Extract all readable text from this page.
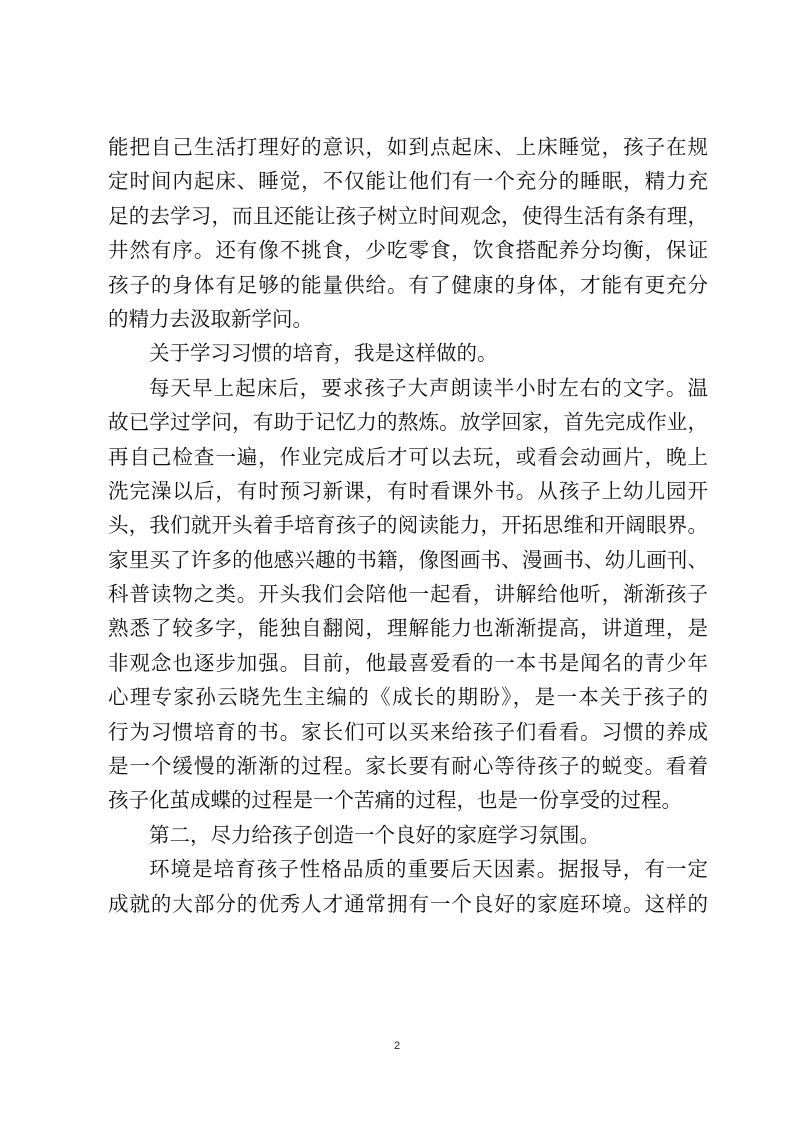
能把自己生活打理好的意识，如到点起床、上床睡觉，孩子在规
定时间内起床、睡觉，不仅能让他们有一个充分的睡眠，精力充
足的去学习，而且还能让孩子树立时间观念，使得生活有条有理，
井然有序。还有像不挑食，少吃零食，饮食搭配养分均衡，保证
孩子的身体有足够的能量供给。有了健康的身体，才能有更充分
的精力去汲取新学问。
关于学习习惯的培育，我是这样做的。
每天早上起床后，要求孩子大声朗读半小时左右的文字。温
故已学过学问，有助于记忆力的熬炼。放学回家，首先完成作业，
再自己检查一遍，作业完成后才可以去玩，或看会动画片，晚上
洗完澡以后，有时预习新课，有时看课外书。从孩子上幼儿园开
头，我们就开头着手培育孩子的阅读能力，开拓思维和开阔眼界。
家里买了许多的他感兴趣的书籍，像图画书、漫画书、幼儿画刊、
科普读物之类。开头我们会陪他一起看，讲解给他听，渐渐孩子
熟悉了较多字，能独自翻阅，理解能力也渐渐提高，讲道理，是
非观念也逐步加强。目前，他最喜爱看的一本书是闻名的青少年
心理专家孙云晓先生主编的《成长的期盼》，是一本关于孩子的
行为习惯培育的书。家长们可以买来给孩子们看看。习惯的养成
是一个缓慢的渐渐的过程。家长要有耐心等待孩子的蜕变。看着
孩子化茧成蝶的过程是一个苦痛的过程，也是一份享受的过程。
第二，尽力给孩子创造一个良好的家庭学习氛围。
环境是培育孩子性格品质的重要后天因素。据报导，有一定
成就的大部分的优秀人才通常拥有一个良好的家庭环境。这样的
2
